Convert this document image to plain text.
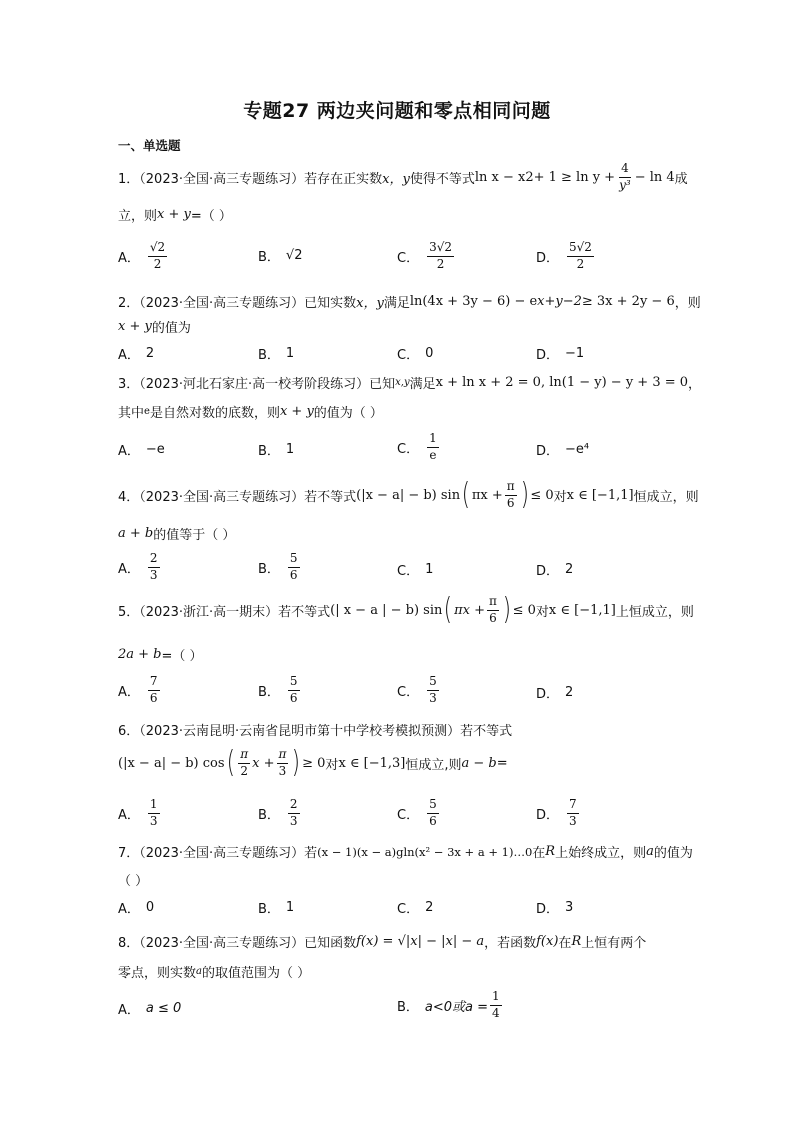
专题27 两边夹问题和零点相同问题
一、单选题
1．（2023·全国·高三专题练习）若存在正实数 x，y 使得不等式 ln x − x $2 + 1 \ge \ln y + \frac{4}{\text{y³}} - \ln 4$ 成
立，则 x + y =（ ）
A． $\frac{√2}{2}$	B． √2	C． $\frac{3√2}{2}$	D． $\frac{5√2}{2}$
2．（2023·全国·高三专题练习）已知实数 x，y 满足 ln(4x + 3y − 6) − e x+y−2 ≥ 3x + 2y − 6 ，则
x + y 的值为
A． 2	B． 1	C． 0	D． −1
3．（2023·河北石家庄·高一校考阶段练习）已知 x,y 满足 x + ln x + 2 = 0, ln(1 − y) − y + 3 = 0 ，
其中 e 是自然对数的底数，则 x + y 的值为（ ）
A． −e	B． 1	C． $\frac{1}{e}$	D． −e⁴
4．（2023·全国·高三专题练习）若不等式 (|x − a| − b) sin ( $\pi x + \frac{\pi}{6}$ ) ≤ 0 对 x ∈ [−1,1] 恒成立，则
a + b 的值等于（ ）
A． $\frac{2}{3}$	B． $\frac{5}{6}$	C． 1	D． 2
5．（2023·浙江·高一期末）若不等式 (| x − a | − b) sin ( $\pi x + \frac{\pi}{6}$ ) ≤ 0 对 x ∈ [−1,1] 上恒成立，则
2a + b =（ ）
A． $\frac{7}{6}$	B． $\frac{5}{6}$	C． $\frac{5}{3}$	D． 2
6．（2023·云南昆明·云南省昆明市第十中学校考模拟预测）若不等式
(|x − a| − b) cos ( $\frac{\pi}{2}$ $x + \frac{\pi}{3}$ ) ≥ 0 对 x ∈ [−1,3] 恒成立,则 a − b =
A． $\frac{1}{3}$	B． $\frac{2}{3}$	C． $\frac{5}{6}$	D． $\frac{7}{3}$
7．（2023·全国·高三专题练习）若 (x − 1)(x − a)gln(x² − 3x + a + 1)…0 在 R 上始终成立，则 a 的值为
（ ）
A． 0	B． 1	C． 2	D． 3
8．（2023·全国·高三专题练习）已知函数 f(x) = √|x| − |x| − a ，若函数 f(x) 在 R 上恒有两个
零点，则实数 a 的取值范围为（ ）
A． a ≤ 0	B． a<0或$a = \frac{1}{4}$
